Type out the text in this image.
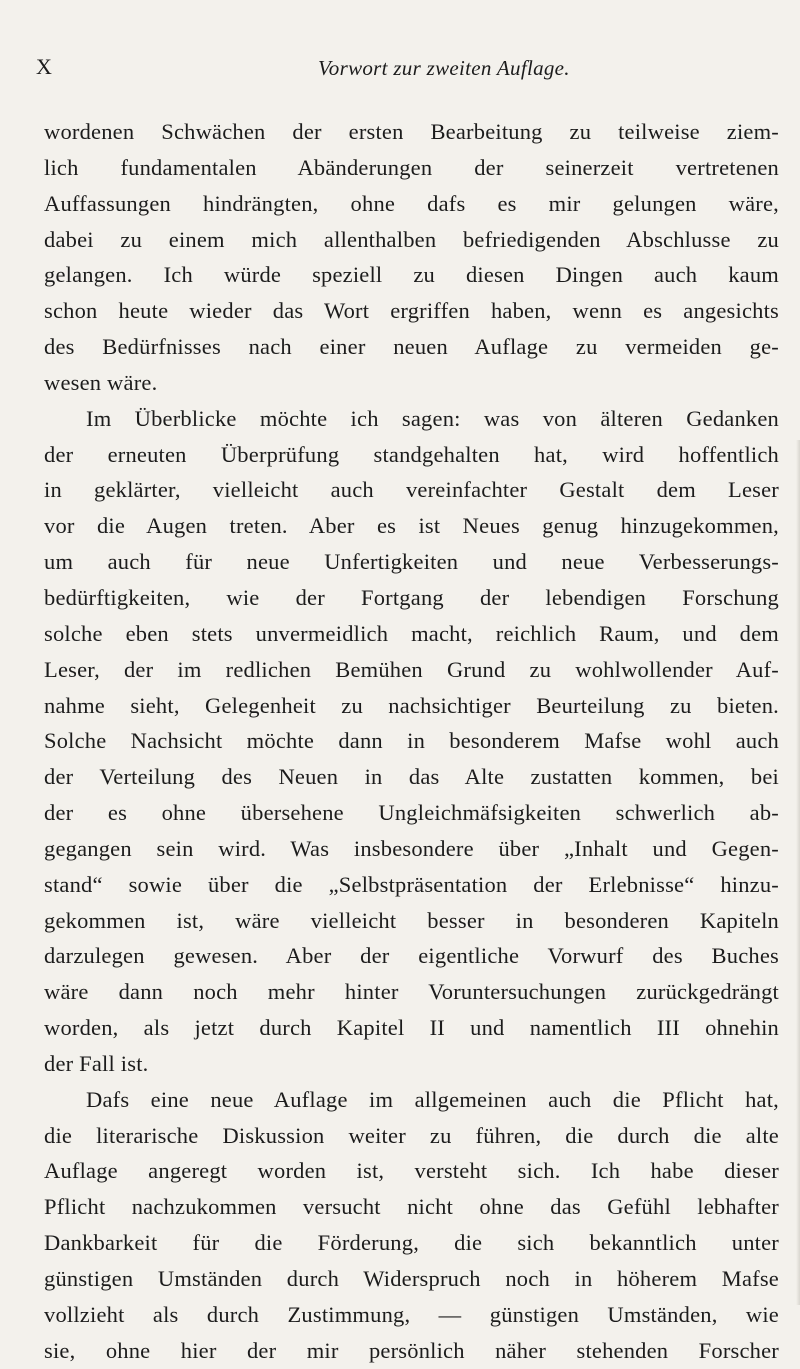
X	Vorwort zur zweiten Auflage.
wordenen Schwächen der ersten Bearbeitung zu teilweise ziem-
lich fundamentalen Abänderungen der seinerzeit vertretenen
Auffassungen hindrängten, ohne dafs es mir gelungen wäre,
dabei zu einem mich allenthalben befriedigenden Abschlusse zu
gelangen. Ich würde speziell zu diesen Dingen auch kaum
schon heute wieder das Wort ergriffen haben, wenn es angesichts
des Bedürfnisses nach einer neuen Auflage zu vermeiden ge-
wesen wäre.
Im Überblicke möchte ich sagen: was von älteren Gedanken
der erneuten Überprüfung standgehalten hat, wird hoffentlich
in geklärter, vielleicht auch vereinfachter Gestalt dem Leser
vor die Augen treten. Aber es ist Neues genug hinzugekommen,
um auch für neue Unfertigkeiten und neue Verbesserungs-
bedürftigkeiten, wie der Fortgang der lebendigen Forschung
solche eben stets unvermeidlich macht, reichlich Raum, und dem
Leser, der im redlichen Bemühen Grund zu wohlwollender Auf-
nahme sieht, Gelegenheit zu nachsichtiger Beurteilung zu bieten.
Solche Nachsicht möchte dann in besonderem Mafse wohl auch
der Verteilung des Neuen in das Alte zustatten kommen, bei
der es ohne übersehene Ungleichmäfsigkeiten schwerlich ab-
gegangen sein wird. Was insbesondere über „Inhalt und Gegen-
stand“ sowie über die „Selbstpräsentation der Erlebnisse“ hinzu-
gekommen ist, wäre vielleicht besser in besonderen Kapiteln
darzulegen gewesen. Aber der eigentliche Vorwurf des Buches
wäre dann noch mehr hinter Voruntersuchungen zurückgedrängt
worden, als jetzt durch Kapitel II und namentlich III ohnehin
der Fall ist.
Dafs eine neue Auflage im allgemeinen auch die Pflicht hat,
die literarische Diskussion weiter zu führen, die durch die alte
Auflage angeregt worden ist, versteht sich. Ich habe dieser
Pflicht nachzukommen versucht nicht ohne das Gefühl lebhafter
Dankbarkeit für die Förderung, die sich bekanntlich unter
günstigen Umständen durch Widerspruch noch in höherem Mafse
vollzieht als durch Zustimmung, — günstigen Umständen, wie
sie, ohne hier der mir persönlich näher stehenden Forscher
